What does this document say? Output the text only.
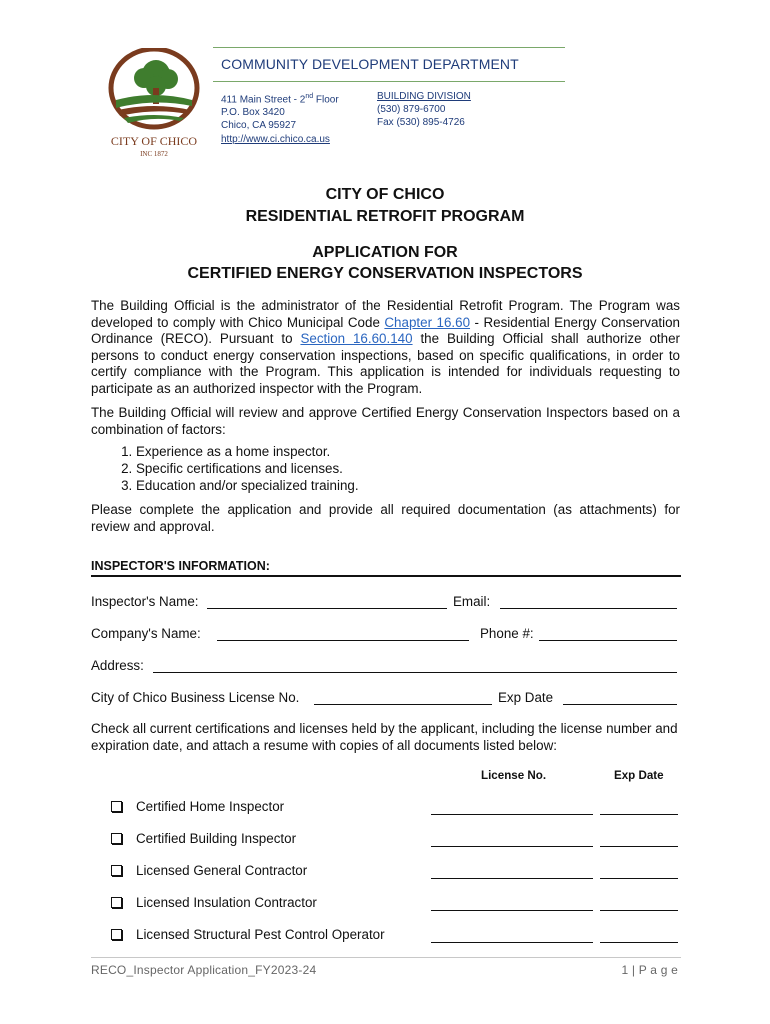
CITY OF CHICO
INC 1872
COMMUNITY DEVELOPMENT DEPARTMENT
411 Main Street - 2nd Floor
P.O. Box 3420
Chico, CA 95927
BUILDING DIVISION
(530) 879-6700
Fax (530) 895-4726
http://www.ci.chico.ca.us
CITY OF CHICO
RESIDENTIAL RETROFIT PROGRAM
APPLICATION FOR
CERTIFIED ENERGY CONSERVATION INSPECTORS
The Building Official is the administrator of the Residential Retrofit Program. The Program was developed to comply with Chico Municipal Code Chapter 16.60 - Residential Energy Conservation Ordinance (RECO). Pursuant to Section 16.60.140 the Building Official shall authorize other persons to conduct energy conservation inspections, based on specific qualifications, in order to certify compliance with the Program. This application is intended for individuals requesting to participate as an authorized inspector with the Program.
The Building Official will review and approve Certified Energy Conservation Inspectors based on a combination of factors:
1. Experience as a home inspector.
2. Specific certifications and licenses.
3. Education and/or specialized training.
Please complete the application and provide all required documentation (as attachments) for review and approval.
INSPECTOR'S INFORMATION:
Inspector's Name:	Email:
Company's Name:	Phone #:
Address:
City of Chico Business License No.	Exp Date
Check all current certifications and licenses held by the applicant, including the license number and expiration date, and attach a resume with copies of all documents listed below:
License No.	Exp Date
Certified Home Inspector
Certified Building Inspector
Licensed General Contractor
Licensed Insulation Contractor
Licensed Structural Pest Control Operator
RECO_Inspector Application_FY2023-24	1 | P a g e
